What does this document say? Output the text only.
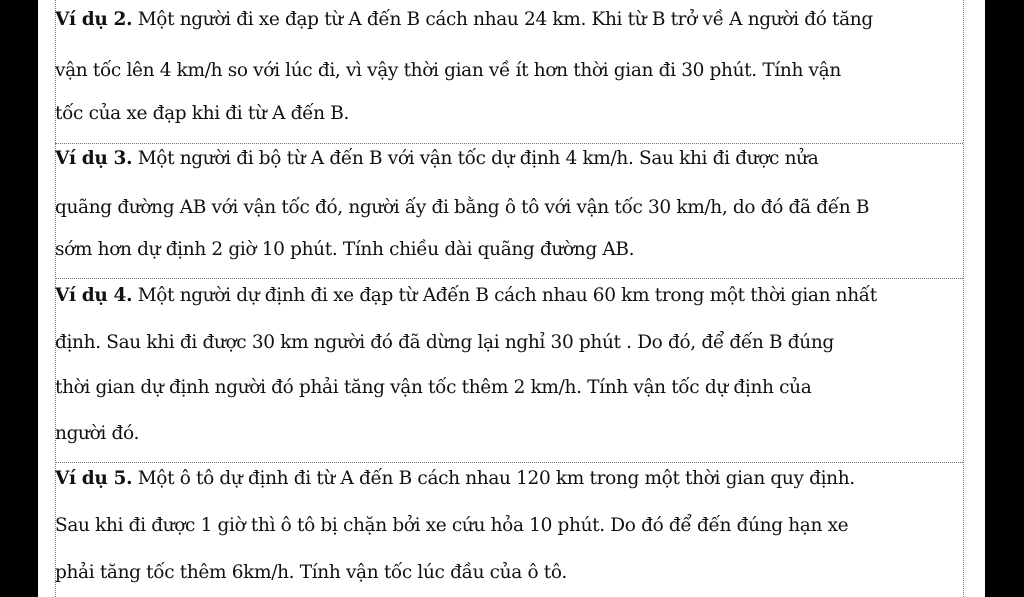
Ví dụ 2. Một người đi xe đạp từ A đến B cách nhau 24 km. Khi từ B trở về A người đó tăng
vận tốc lên 4 km/h so với lúc đi, vì vậy thời gian về ít hơn thời gian đi 30 phút. Tính vận
tốc của xe đạp khi đi từ A đến B.
Ví dụ 3. Một người đi bộ từ A đến B với vận tốc dự định 4 km/h. Sau khi đi được nửa
quãng đường AB với vận tốc đó, người ấy đi bằng ô tô với vận tốc 30 km/h, do đó đã đến B
sớm hơn dự định 2 giờ 10 phút. Tính chiều dài quãng đường AB.
Ví dụ 4. Một người dự định đi xe đạp từ Ađến B cách nhau 60 km trong một thời gian nhất
định. Sau khi đi được 30 km người đó đã dừng lại nghỉ 30 phút . Do đó, để đến B đúng
thời gian dự định người đó phải tăng vận tốc thêm 2 km/h. Tính vận tốc dự định của
người đó.
Ví dụ 5. Một ô tô dự định đi từ A đến B cách nhau 120 km trong một thời gian quy định.
Sau khi đi được 1 giờ thì ô tô bị chặn bởi xe cứu hỏa 10 phút. Do đó để đến đúng hạn xe
phải tăng tốc thêm 6km/h. Tính vận tốc lúc đầu của ô tô.
